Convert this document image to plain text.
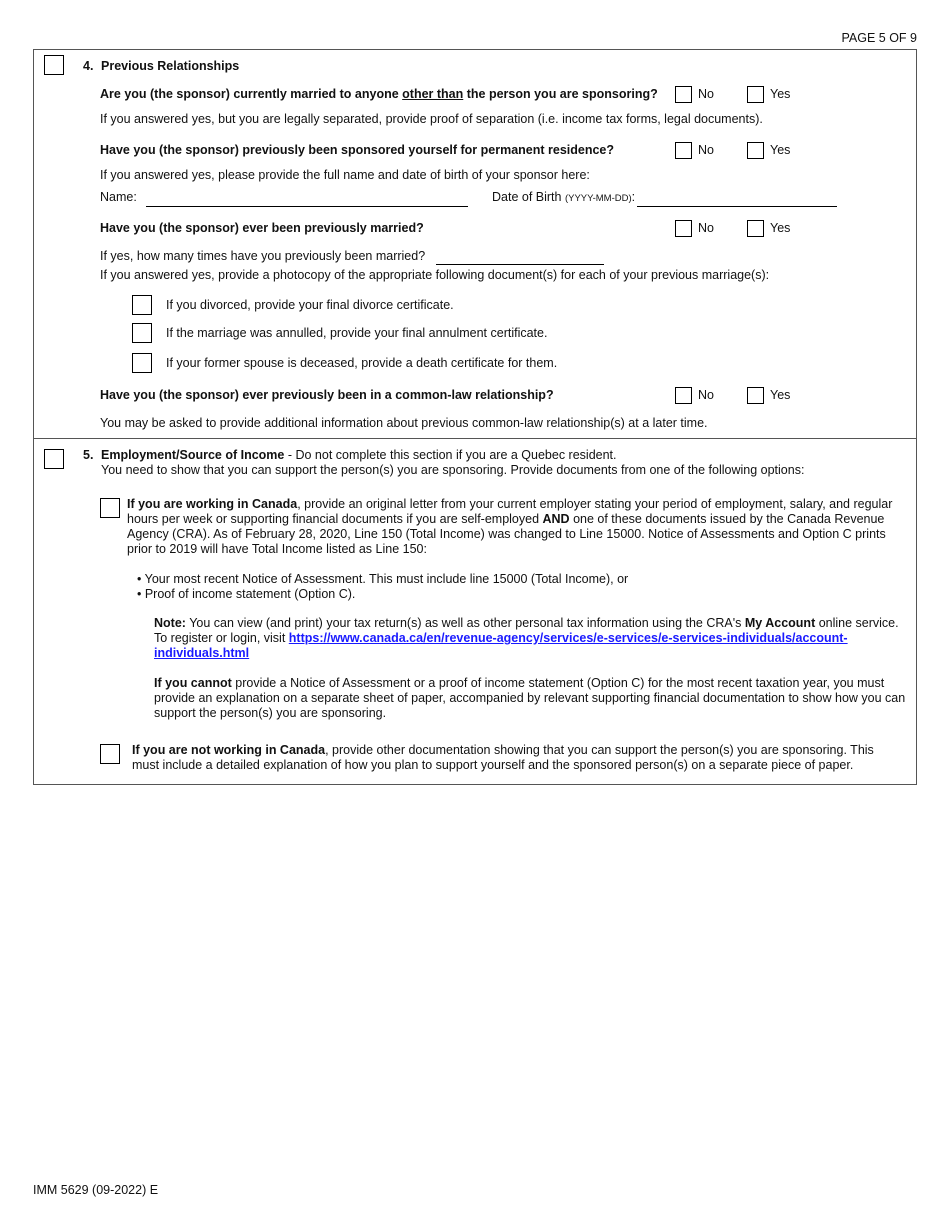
PAGE 5 OF 9
IMM 5629 (09-2022) E
4. Previous Relationships
Are you (the sponsor) currently married to anyone other than the person you are sponsoring?	No	Yes
If you answered yes, but you are legally separated, provide proof of separation (i.e. income tax forms, legal documents).
Have you (the sponsor) previously been sponsored yourself for permanent residence?	No	Yes
If you answered yes, please provide the full name and date of birth of your sponsor here:
Name:	Date of Birth (YYYY-MM-DD):
Have you (the sponsor) ever been previously married?	No	Yes
If yes, how many times have you previously been married?
If you answered yes, provide a photocopy of the appropriate following document(s) for each of your previous marriage(s):
If you divorced, provide your final divorce certificate.
If the marriage was annulled, provide your final annulment certificate.
If your former spouse is deceased, provide a death certificate for them.
Have you (the sponsor) ever previously been in a common-law relationship?	No	Yes
You may be asked to provide additional information about previous common-law relationship(s) at a later time.
5. Employment/Source of Income - Do not complete this section if you are a Quebec resident.
You need to show that you can support the person(s) you are sponsoring. Provide documents from one of the following options:
If you are working in Canada, provide an original letter from your current employer stating your period of employment, salary, and regular hours per week or supporting financial documents if you are self-employed AND one of these documents issued by the Canada Revenue Agency (CRA). As of February 28, 2020, Line 150 (Total Income) was changed to Line 15000. Notice of Assessments and Option C prints prior to 2019 will have Total Income listed as Line 150:
• Your most recent Notice of Assessment. This must include line 15000 (Total Income), or
• Proof of income statement (Option C).
Note: You can view (and print) your tax return(s) as well as other personal tax information using the CRA's My Account online service. To register or login, visit https://www.canada.ca/en/revenue-agency/services/e-services/e-services-individuals/account-individuals.html
If you cannot provide a Notice of Assessment or a proof of income statement (Option C) for the most recent taxation year, you must provide an explanation on a separate sheet of paper, accompanied by relevant supporting financial documentation to show how you can support the person(s) you are sponsoring.
If you are not working in Canada, provide other documentation showing that you can support the person(s) you are sponsoring. This must include a detailed explanation of how you plan to support yourself and the sponsored person(s) on a separate piece of paper.
